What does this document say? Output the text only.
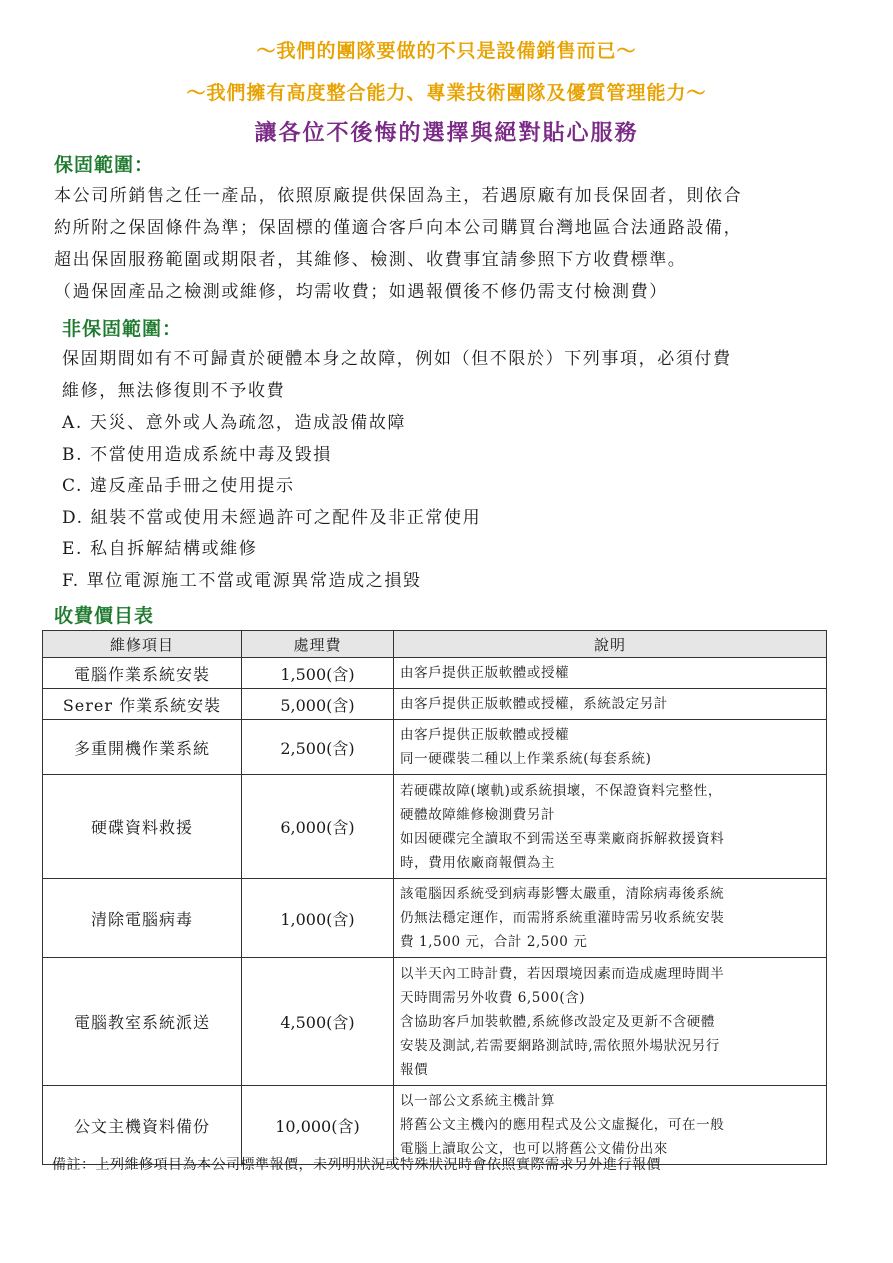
～我們的團隊要做的不只是設備銷售而已～
～我們擁有高度整合能力、專業技術團隊及優質管理能力～
讓各位不後悔的選擇與絕對貼心服務
保固範圍：
本公司所銷售之任一產品，依照原廠提供保固為主，若遇原廠有加長保固者，則依合
約所附之保固條件為準；保固標的僅適合客戶向本公司購買台灣地區合法通路設備，
超出保固服務範圍或期限者，其維修、檢測、收費事宜請參照下方收費標準。
（過保固產品之檢測或維修，均需收費；如遇報價後不修仍需支付檢測費）
非保固範圍：
保固期間如有不可歸責於硬體本身之故障，例如（但不限於）下列事項，必須付費
維修，無法修復則不予收費
A. 天災、意外或人為疏忽，造成設備故障
B. 不當使用造成系統中毒及毀損
C. 違反產品手冊之使用提示
D. 組裝不當或使用未經過許可之配件及非正常使用
E. 私自拆解結構或維修
F. 單位電源施工不當或電源異常造成之損毀
收費價目表
維修項目	處理費	說明
電腦作業系統安裝	1,500(含)	由客戶提供正版軟體或授權

Serer 作業系統安裝	5,000(含)	由客戶提供正版軟體或授權，系統設定另計

多重開機作業系統	2,500(含)	由客戶提供正版軟體或授權
同一硬碟裝二種以上作業系統(每套系統)

硬碟資料救援	6,000(含)	若硬碟故障(壞軌)或系統損壞，不保證資料完整性，
硬體故障維修檢測費另計
如因硬碟完全讀取不到需送至專業廠商拆解救援資料
時，費用依廠商報價為主

清除電腦病毒	1,000(含)	該電腦因系統受到病毒影響太嚴重，清除病毒後系統
仍無法穩定運作，而需將系統重灌時需另收系統安裝
費 1,500 元，合計 2,500 元

電腦教室系統派送	4,500(含)	以半天內工時計費，若因環境因素而造成處理時間半
天時間需另外收費 6,500(含)
含協助客戶加裝軟體,系統修改設定及更新不含硬體
安裝及測試,若需要網路測試時,需依照外場狀況另行
報價

公文主機資料備份	10,000(含)	以一部公文系統主機計算
將舊公文主機內的應用程式及公文虛擬化，可在一般
電腦上讀取公文，也可以將舊公文備份出來
備註：上列維修項目為本公司標準報價，未列明狀況或特殊狀況時會依照實際需求另外進行報價
